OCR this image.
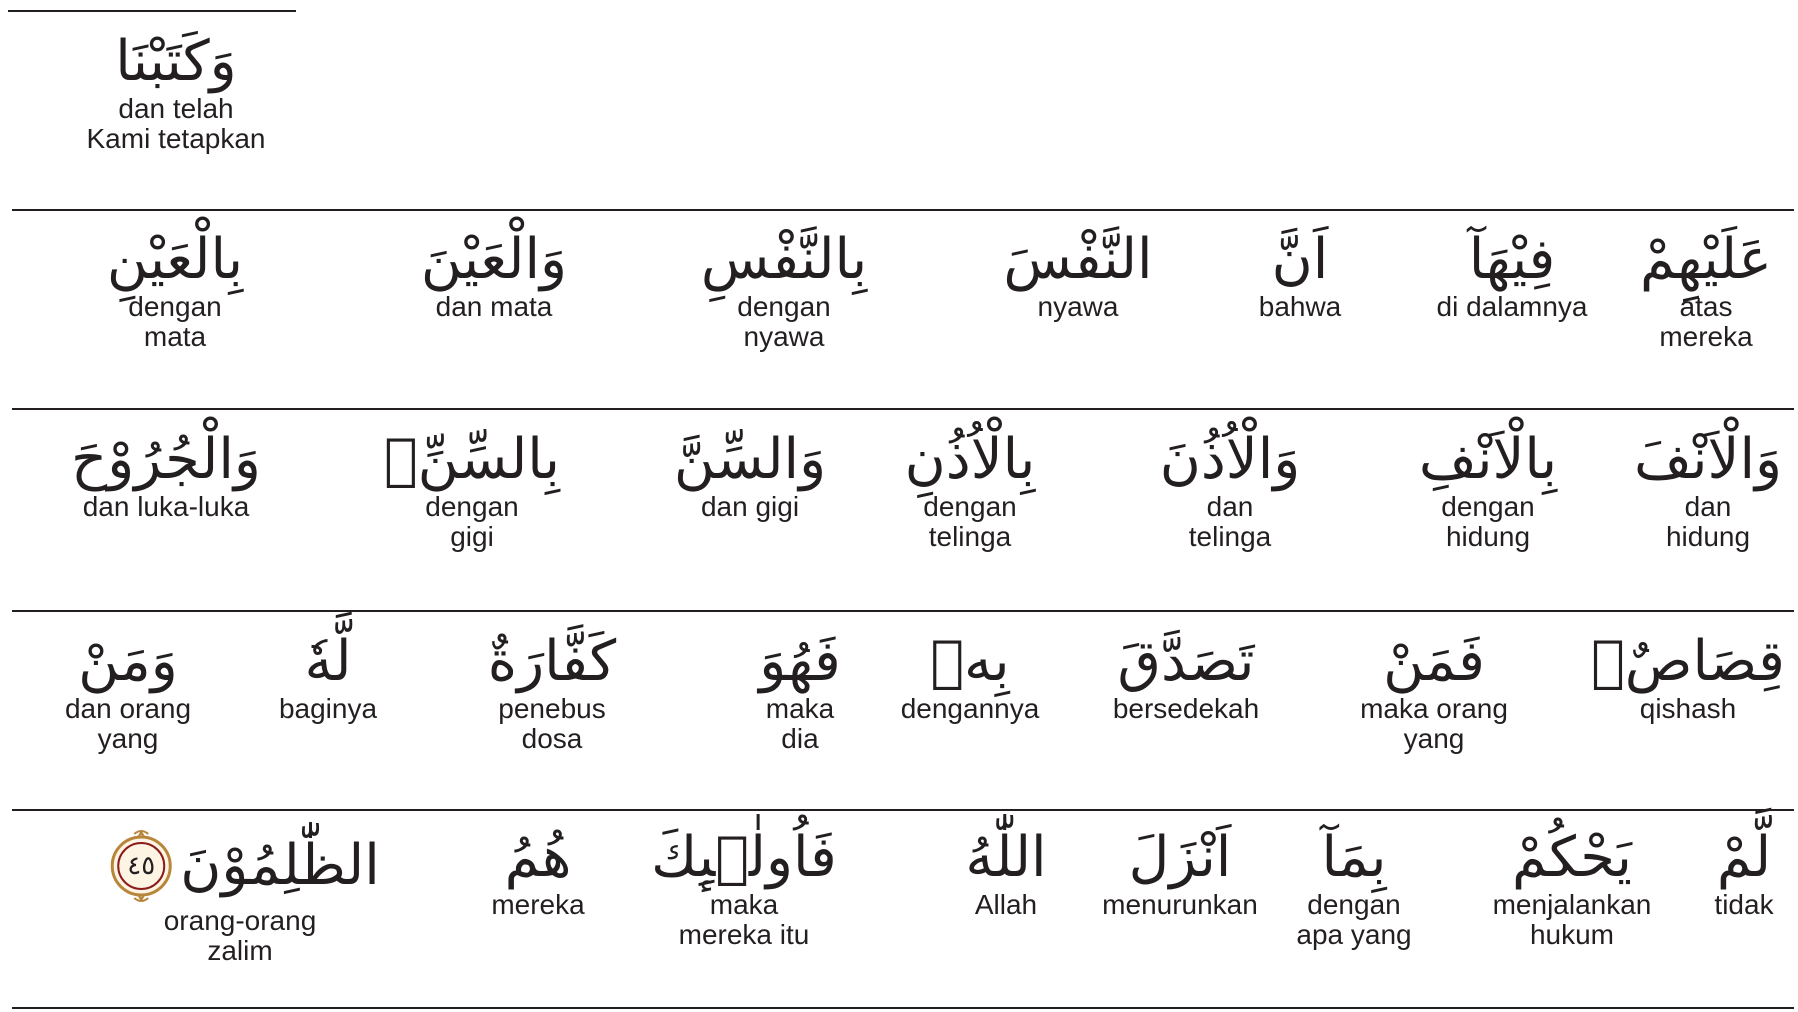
وَكَتَبْنَا
dan telah
Kami tetapkan
بِالْعَيْنِ
dengan
mata
وَالْعَيْنَ
dan mata
بِالنَّفْسِ
dengan
nyawa
النَّفْسَ
nyawa
اَنَّ
bahwa
فِيْهَآ
di dalamnya
عَلَيْهِمْ
atas
mereka
وَالْجُرُوْحَ
dan luka-luka
بِالسِّنِّۙ
dengan
gigi
وَالسِّنَّ
dan gigi
بِالْاُذُنِ
dengan
telinga
وَالْاُذُنَ
dan
telinga
بِالْاَنْفِ
dengan
hidung
وَالْاَنْفَ
dan
hidung
وَمَنْ
dan orang
yang
لَّهٗ
baginya
كَفَّارَةٌ
penebus
dosa
فَهُوَ
maka
dia
بِهٖ
dengannya
تَصَدَّقَ
bersedekah
فَمَنْ
maka orang
yang
قِصَاصٌۗ
qishash
٤٥ الظّٰلِمُوْنَ
orang-orang
zalim
هُمُ
mereka
فَاُولٰۤىِٕكَ
maka
mereka itu
اللّٰهُ
Allah
اَنْزَلَ
menurunkan
بِمَآ
dengan
apa yang
يَحْكُمْ
menjalankan
hukum
لَّمْ
tidak
